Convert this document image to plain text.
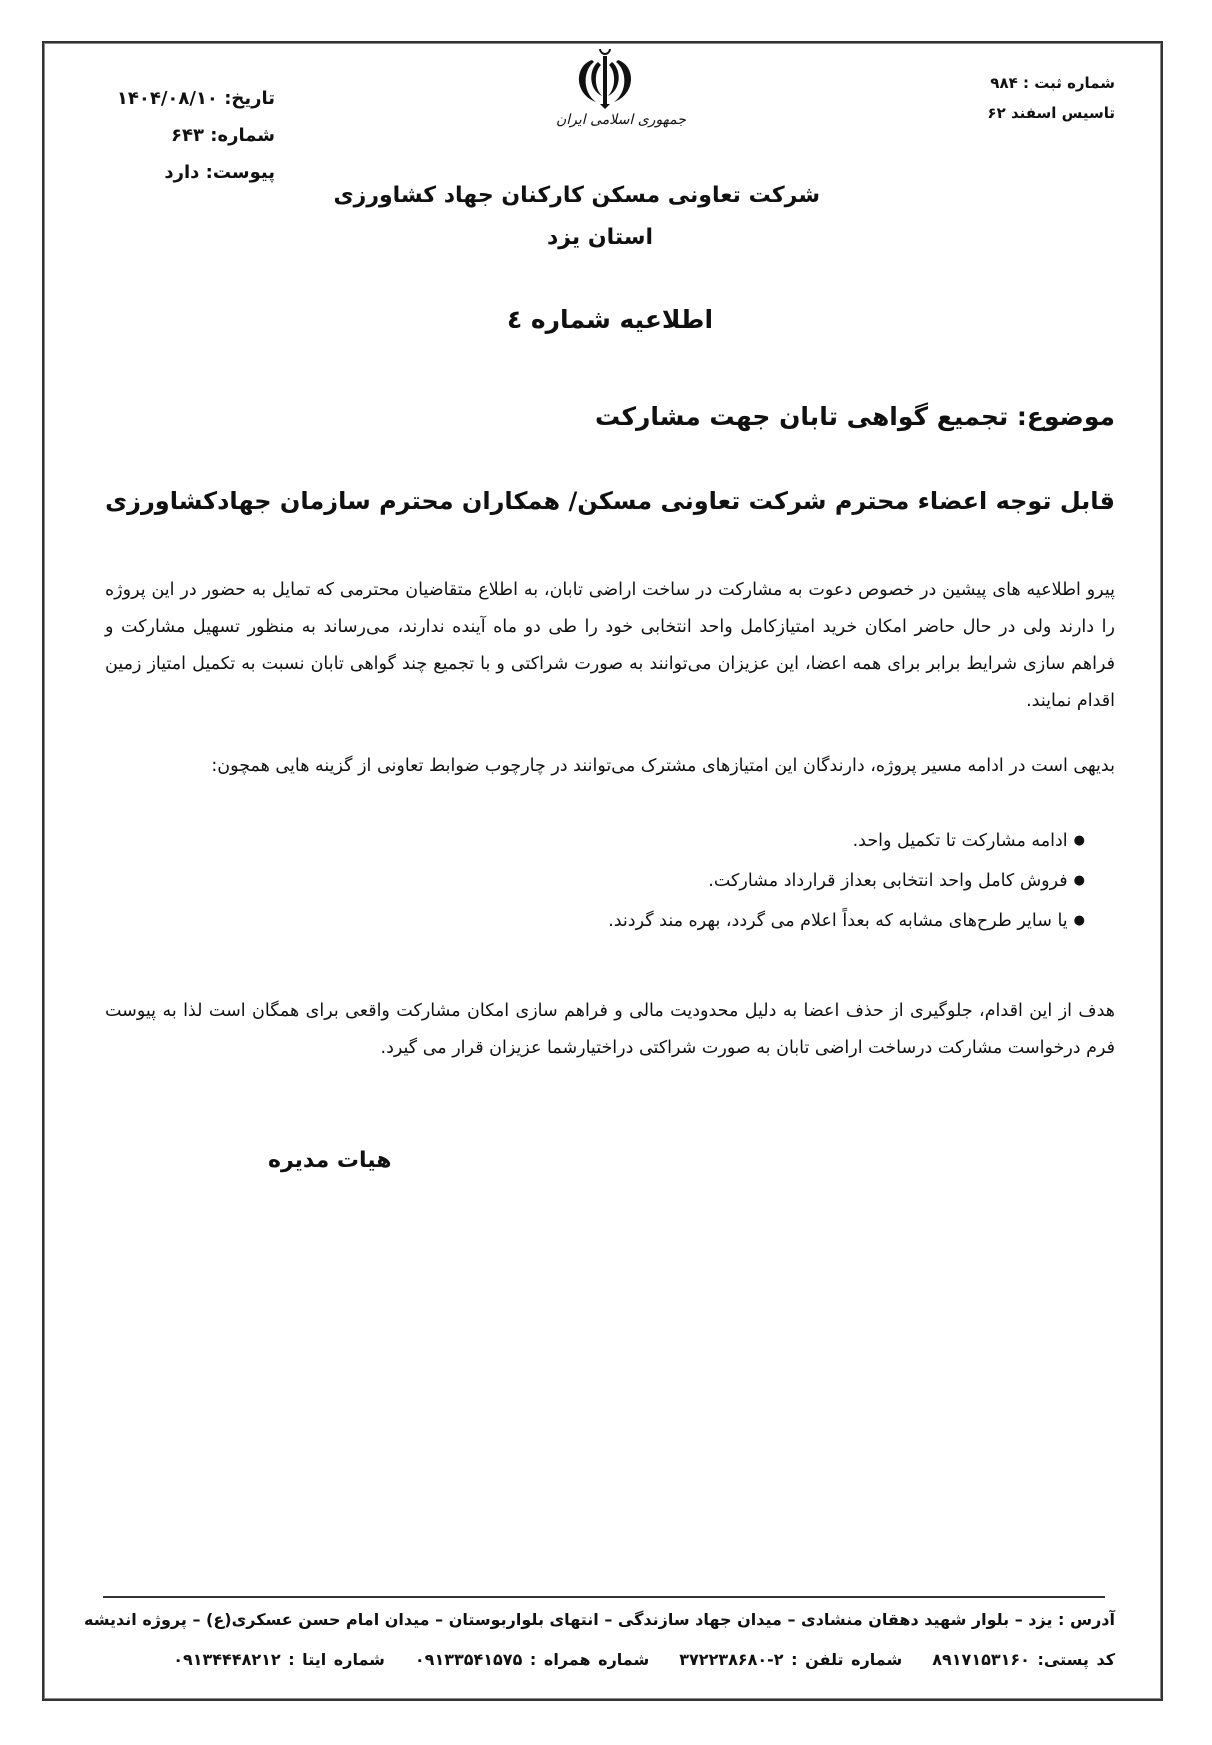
شماره ثبت : ۹۸۴
تاسیس اسفند ۶۲
جمهوری اسلامی ایران
تاریخ: ۱۴۰۴/۰۸/۱۰
شماره: ۶۴۳
پیوست: دارد
شرکت تعاونی مسکن کارکنان جهاد کشاورزی
استان یزد
اطلاعیه شماره ٤
موضوع: تجمیع گواهی تابان جهت مشارکت
قابل توجه اعضاء محترم شرکت تعاونی مسکن/ همکاران محترم سازمان جهادکشاورزی
پیرو اطلاعیه های پیشین در خصوص دعوت به مشارکت در ساخت اراضی تابان، به اطلاع متقاضیان محترمی که تمایل به حضور در این پروژه را دارند ولی در حال حاضر امکان خرید امتیازکامل واحد انتخابی خود را طی دو ماه آینده ندارند، می‌رساند به منظور تسهیل مشارکت و فراهم سازی شرایط برابر برای همه اعضا، این عزیزان می‌توانند به صورت شراکتی و با تجمیع چند گواهی تابان نسبت به تکمیل امتیاز زمین اقدام نمایند.
بدیهی است در ادامه مسیر پروژه، دارندگان این امتیازهای مشترک می‌توانند در چارچوب ضوابط تعاونی از گزینه هایی همچون:
● ادامه مشارکت تا تکمیل واحد.
● فروش کامل واحد انتخابی بعداز قرارداد مشارکت.
● یا سایر طرح‌های مشابه که بعداً اعلام می گردد، بهره مند گردند.
هدف از این اقدام، جلوگیری از حذف اعضا به دلیل محدودیت مالی و فراهم سازی امکان مشارکت واقعی برای همگان است لذا به پیوست فرم درخواست مشارکت درساخت اراضی تابان به صورت شراکتی دراختیارشما عزیزان قرار می گیرد.
هیات مدیره
آدرس : یزد – بلوار شهید دهقان منشادی – میدان جهاد سازندگی – انتهای بلواربوستان – میدان امام حسن عسکری(ع) – پروژه اندیشه
کد پستی: ۸۹۱۷۱۵۳۱۶۰شماره تلفن : ۲-۳۷۲۲۳۸۶۸۰شماره همراه : ۰۹۱۳۳۵۴۱۵۷۵شماره ایتا : ۰۹۱۳۴۴۴۸۲۱۲
